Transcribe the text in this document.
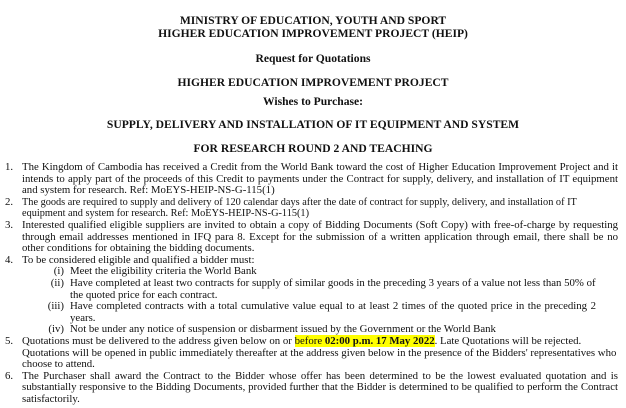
MINISTRY OF EDUCATION, YOUTH AND SPORT
HIGHER EDUCATION IMPROVEMENT PROJECT (HEIP)
Request for Quotations
HIGHER EDUCATION IMPROVEMENT PROJECT
Wishes to Purchase:
SUPPLY, DELIVERY AND INSTALLATION OF IT EQUIPMENT AND SYSTEM
FOR RESEARCH ROUND 2 AND TEACHING
1. The Kingdom of Cambodia has received a Credit from the World Bank toward the cost of Higher Education Improvement Project and it intends to apply part of the proceeds of this Credit to payments under the Contract for supply, delivery, and installation of IT equipment and system for research. Ref: MoEYS-HEIP-NS-G-115(1)
2. The goods are required to supply and delivery of 120 calendar days after the date of contract for supply, delivery, and installation of IT equipment and system for research. Ref: MoEYS-HEIP-NS-G-115(1)
3. Interested qualified eligible suppliers are invited to obtain a copy of Bidding Documents (Soft Copy) with free-of-charge by requesting through email addresses mentioned in IFQ para 8. Except for the submission of a written application through email, there shall be no other conditions for obtaining the bidding documents.
4. To be considered eligible and qualified a bidder must:
(i) Meet the eligibility criteria the World Bank
(ii) Have completed at least two contracts for supply of similar goods in the preceding 3 years of a value not less than 50% of the quoted price for each contract.
(iii) Have completed contracts with a total cumulative value equal to at least 2 times of the quoted price in the preceding 2 years.
(iv) Not be under any notice of suspension or disbarment issued by the Government or the World Bank
5. Quotations must be delivered to the address given below on or before 02:00 p.m. 17 May 2022. Late Quotations will be rejected. Quotations will be opened in public immediately thereafter at the address given below in the presence of the Bidders' representatives who choose to attend.
6. The Purchaser shall award the Contract to the Bidder whose offer has been determined to be the lowest evaluated quotation and is substantially responsive to the Bidding Documents, provided further that the Bidder is determined to be qualified to perform the Contract satisfactorily.
